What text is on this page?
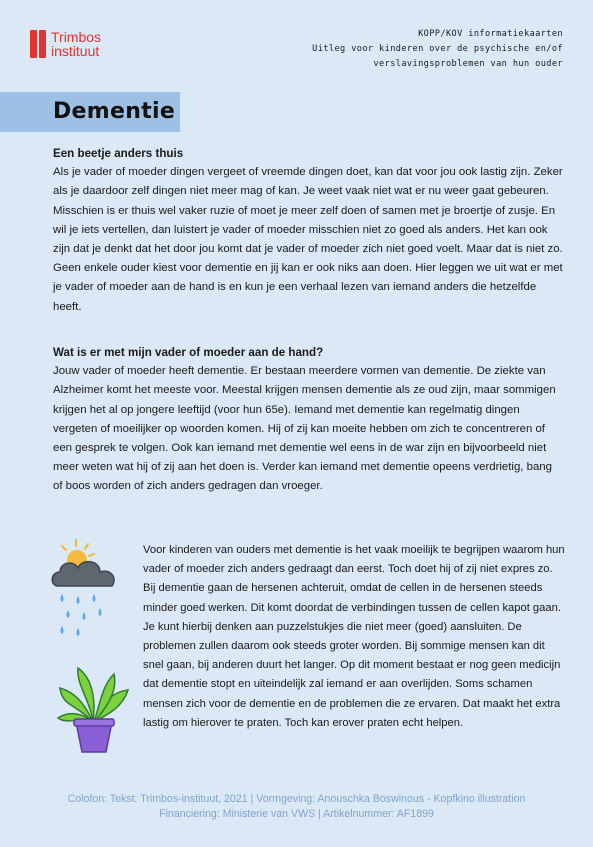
Trimbos
instituut
KOPP/KOV informatiekaarten
Uitleg voor kinderen over de psychische en/of
verslavingsproblemen van hun ouder
Dementie
Een beetje anders thuis

Als je vader of moeder dingen vergeet of vreemde dingen doet, kan dat voor jou ook lastig zijn. Zeker als je daardoor zelf dingen niet meer mag of kan. Je weet vaak niet wat er nu weer gaat gebeuren. Misschien is er thuis wel vaker ruzie of moet je meer zelf doen of samen met je broertje of zusje. En wil je iets vertellen, dan luistert je vader of moeder misschien niet zo goed als anders. Het kan ook zijn dat je denkt dat het door jou komt dat je vader of moeder zich niet goed voelt. Maar dat is niet zo. Geen enkele ouder kiest voor dementie en jij kan er ook niks aan doen. Hier leggen we uit wat er met je vader of moeder aan de hand is en kun je een verhaal lezen van iemand anders die hetzelfde heeft.

Wat is er met mijn vader of moeder aan de hand?

Jouw vader of moeder heeft dementie. Er bestaan meerdere vormen van dementie. De ziekte van Alzheimer komt het meeste voor. Meestal krijgen mensen dementie als ze oud zijn, maar sommigen krijgen het al op jongere leeftijd (voor hun 65e). Iemand met dementie kan regelmatig dingen vergeten of moeilijker op woorden komen. Hij of zij kan moeite hebben om zich te concentreren of een gesprek te volgen. Ook kan iemand met dementie wel eens in de war zijn en bijvoorbeeld niet meer weten wat hij of zij aan het doen is. Verder kan iemand met dementie opeens verdrietig, bang of boos worden of zich anders gedragen dan vroeger.

Voor kinderen van ouders met dementie is het vaak moeilijk te begrijpen waarom hun vader of moeder zich anders gedraagt dan eerst. Toch doet hij of zij niet expres zo. Bij dementie gaan de hersenen achteruit, omdat de cellen in de hersenen steeds minder goed werken. Dit komt doordat de verbindingen tussen de cellen kapot gaan. Je kunt hierbij denken aan puzzelstukjes die niet meer (goed) aansluiten. De problemen zullen daarom ook steeds groter worden. Bij sommige mensen kan dit snel gaan, bij anderen duurt het langer. Op dit moment bestaat er nog geen medicijn dat dementie stopt en uiteindelijk zal iemand er aan overlijden. Soms schamen mensen zich voor de dementie en de problemen die ze ervaren. Dat maakt het extra lastig om hierover te praten. Toch kan erover praten echt helpen.

Colofon: Tekst: Trimbos-instituut, 2021 | Vormgeving: Anouschka Boswinous - Kopfkino illustration
Financiering: Ministerie van VWS | Artikelnummer: AF1899
